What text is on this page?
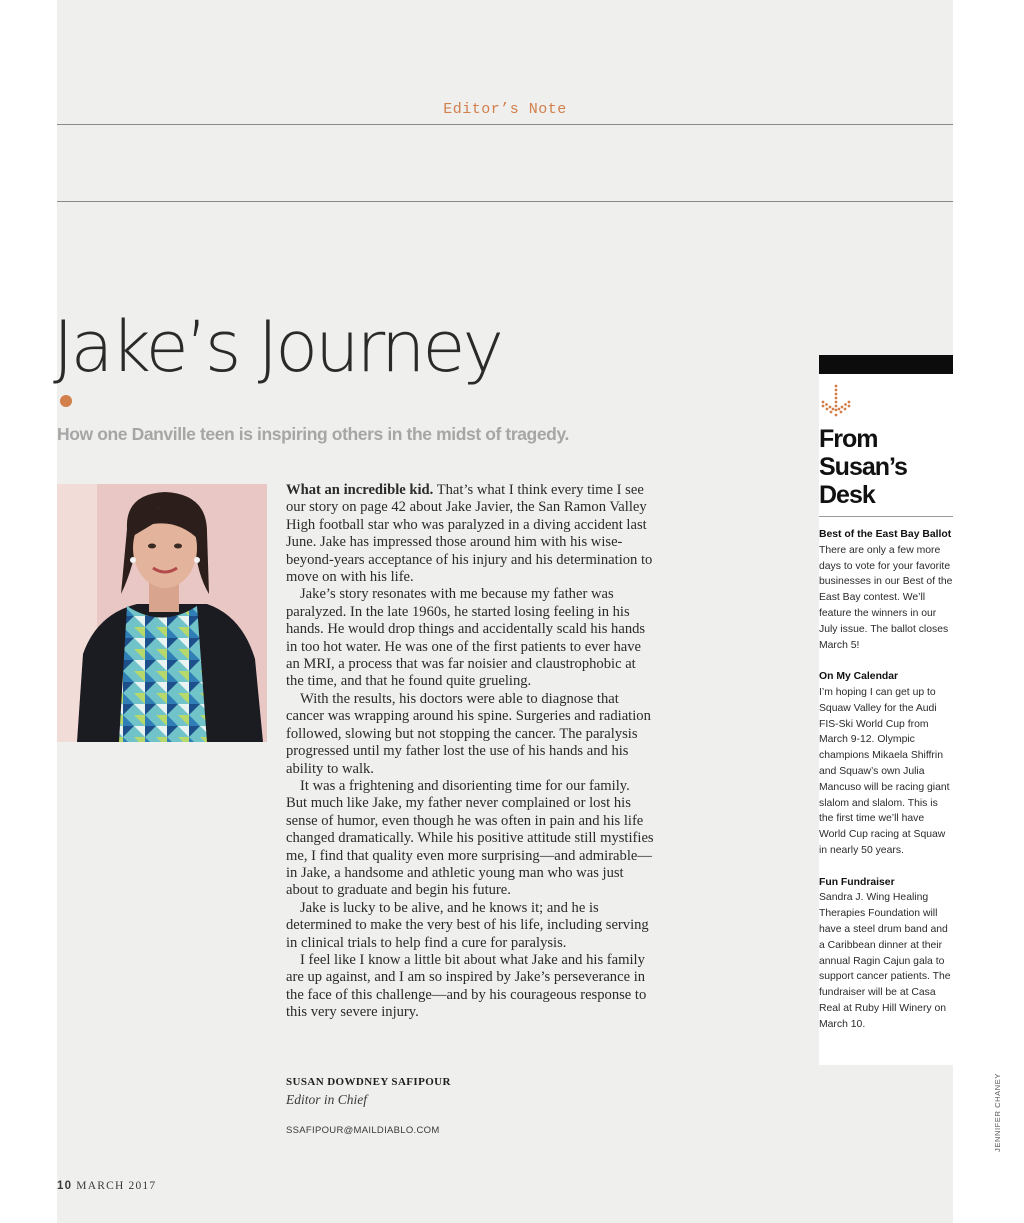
Editor’s Note
Jake’s Journey
How one Danville teen is inspiring others in the midst of tragedy.

What an incredible kid. That’s what I think every time I see our story on page 42 about Jake Javier, the San Ramon Valley High football star who was paralyzed in a diving accident last June. Jake has impressed those around him with his wise-beyond-years acceptance of his injury and his determination to move on with his life.

Jake’s story resonates with me because my father was paralyzed. In the late 1960s, he started losing feeling in his hands. He would drop things and accidentally scald his hands in too hot water. He was one of the first patients to ever have an MRI, a process that was far noisier and claustrophobic at the time, and that he found quite grueling.

With the results, his doctors were able to diagnose that cancer was wrapping around his spine. Surgeries and radiation followed, slowing but not stopping the cancer. The paralysis progressed until my father lost the use of his hands and his ability to walk.

It was a frightening and disorienting time for our family. But much like Jake, my father never complained or lost his sense of humor, even though he was often in pain and his life changed dramatically. While his positive attitude still mystifies me, I find that quality even more surprising—and admirable—in Jake, a handsome and athletic young man who was just about to graduate and begin his future.

Jake is lucky to be alive, and he knows it; and he is determined to make the very best of his life, including serving in clinical trials to help find a cure for paralysis.

I feel like I know a little bit about what Jake and his family are up against, and I am so inspired by Jake’s perseverance in the face of this challenge—and by his courageous response to this very severe injury.

SUSAN DOWDNEY SAFIPOUR
Editor in Chief
SSAFIPOUR@MAILDIABLO.COM
10 MARCH 2017
From Susan’s Desk
Best of the East Bay Ballot

There are only a few more days to vote for your favorite businesses in our Best of the East Bay contest. We’ll feature the winners in our July issue. The ballot closes March 5!

On My Calendar

I’m hoping I can get up to Squaw Valley for the Audi FIS-Ski World Cup from March 9-12. Olympic champions Mikaela Shiffrin and Squaw’s own Julia Mancuso will be racing giant slalom and slalom. This is the first time we’ll have World Cup racing at Squaw in nearly 50 years.

Fun Fundraiser

Sandra J. Wing Healing Therapies Foundation will have a steel drum band and a Caribbean dinner at their annual Ragin Cajun gala to support cancer patients. The fundraiser will be at Casa Real at Ruby Hill Winery on March 10.

JENNIFER CHANEY
